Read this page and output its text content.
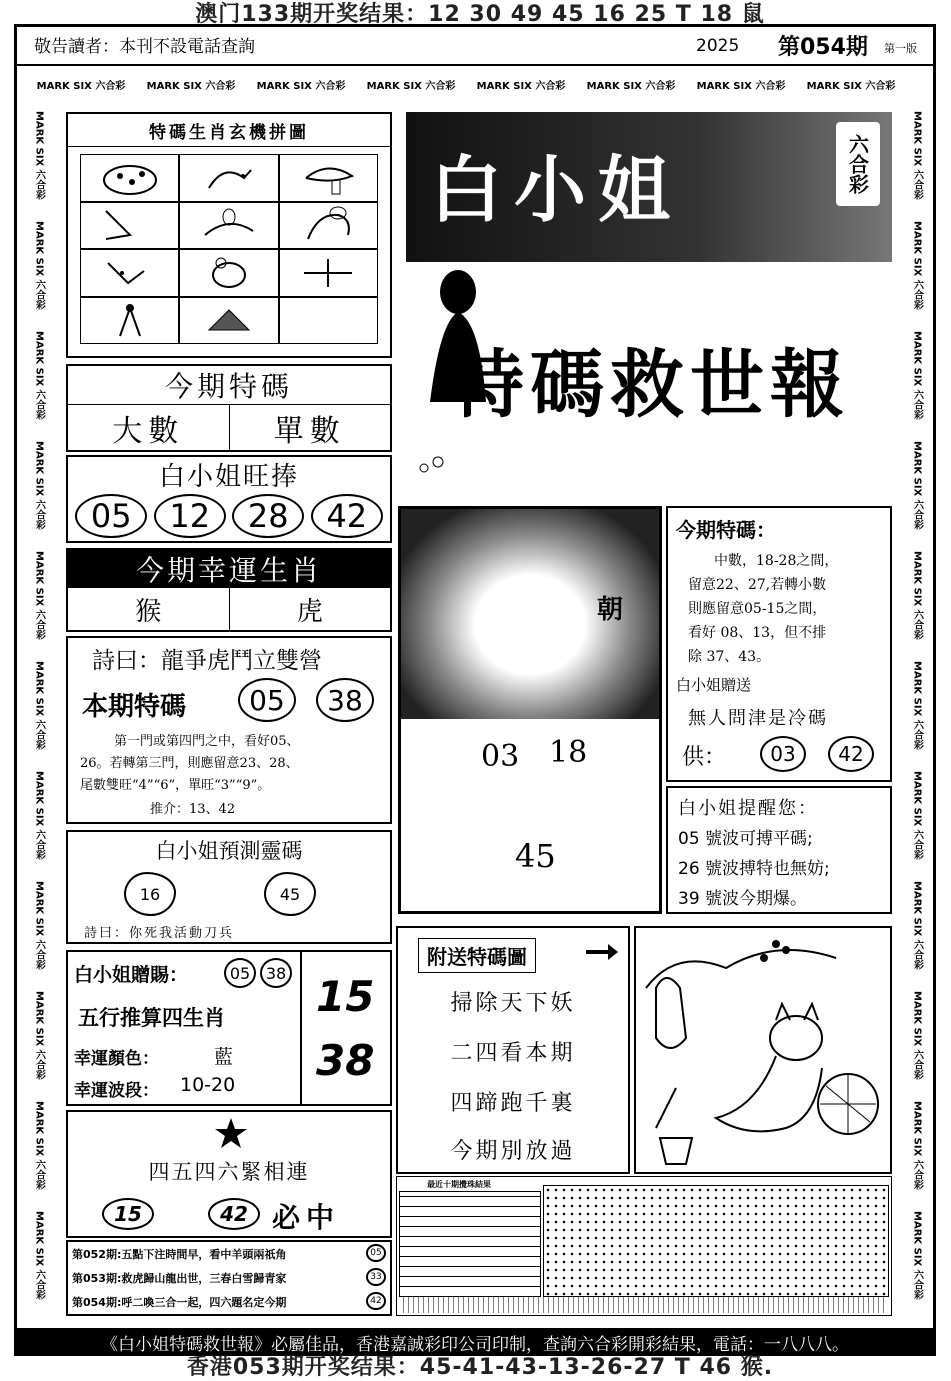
澳门133期开奖结果：12 30 49 45 16 25 T 18 鼠
敬告讀者：本刊不設電話查詢	2025 第054期 第一版
MARK SIX 六合彩 MARK SIX 六合彩 MARK SIX 六合彩 MARK SIX 六合彩 MARK SIX 六合彩 MARK SIX 六合彩 MARK SIX 六合彩 MARK SIX 六合彩
MARK SIX 六合彩
MARK SIX 六合彩
MARK SIX 六合彩
MARK SIX 六合彩
MARK SIX 六合彩
MARK SIX 六合彩
MARK SIX 六合彩
MARK SIX 六合彩
MARK SIX 六合彩
MARK SIX 六合彩
MARK SIX 六合彩
MARK SIX 六合彩
MARK SIX 六合彩
MARK SIX 六合彩
MARK SIX 六合彩
MARK SIX 六合彩
MARK SIX 六合彩
MARK SIX 六合彩
MARK SIX 六合彩
MARK SIX 六合彩
MARK SIX 六合彩
MARK SIX 六合彩
特碼生肖玄機拼圖
今期特碼
大數	單數
白小姐旺捧
05	12	28	42
今期幸運生肖
猴	虎
詩曰：龍爭虎鬥立雙營
本期特碼	05	38
第一門或第四門之中，看好05、
26。若轉第三門，則應留意23、28、
尾數雙旺“4”“6”，單旺“3”“9”。
推介：13、42
白小姐預測靈碼
16	45
詩曰：你死我活動刀兵
白小姐贈賜：	05 38
五行推算四生肖
幸運顏色：	藍
幸運波段： 10-20
15
38
四五四六緊相連
15	42 必中
第052期:五點下注時間早，看中羊頭兩祇角	05
第053期:救虎歸山龍出世，三春白雪歸青家	33
第054期:呼二喚三合一起，四六題名定今期	42
白小姐	六合彩
特碼救世報
朝
03 18
45
今期特碼：
中數，18-28之間，
留意22、27,若轉小數
則應留意05-15之間，
看好 08、13，但不排
除 37、43。
白小姐贈送
無人問津是冷碼
供：	03	42
白小姐提醒您：
05 號波可搏平碼;
26 號波搏特也無妨;
39 號波今期爆。
附送特碼圖
掃除天下妖
二四看本期
四蹄跑千裏
今期別放過
最近十期攪珠結果
《白小姐特碼救世報》必屬佳品，香港嘉誠彩印公司印制，查詢六合彩開彩結果，電話：一八八八。
香港053期开奖结果：45-41-43-13-26-27 T 46 猴.
